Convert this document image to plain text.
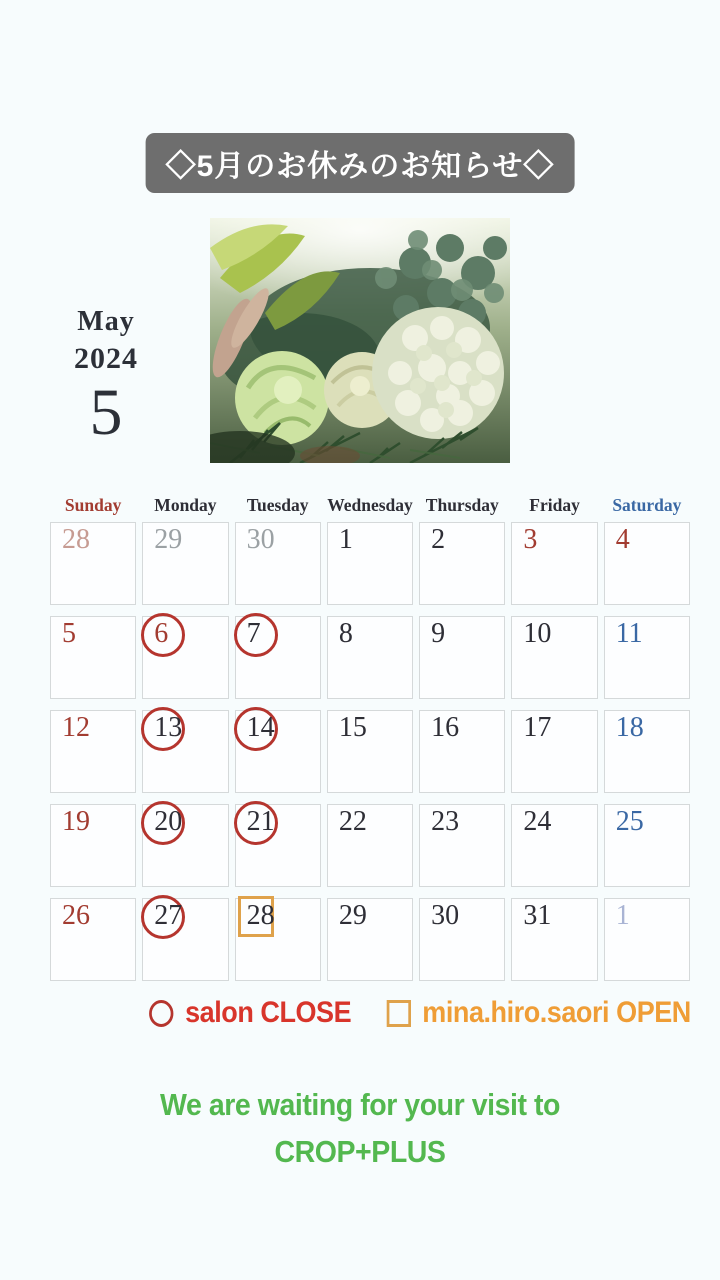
◇5月のお休みのお知らせ◇
May
2024
5
Sunday	Monday	Tuesday	Wednesday Thursday	Friday	Saturday
28 29 30 1	2	3	4
5	6	7	8	9	10 11
12 13 14 15 16 17 18
19 20 21 22 23 24 25
26 27 28 29 30 31 1
salon CLOSE mina.hiro.saori OPEN
We are waiting for your visit to
CROP+PLUS
